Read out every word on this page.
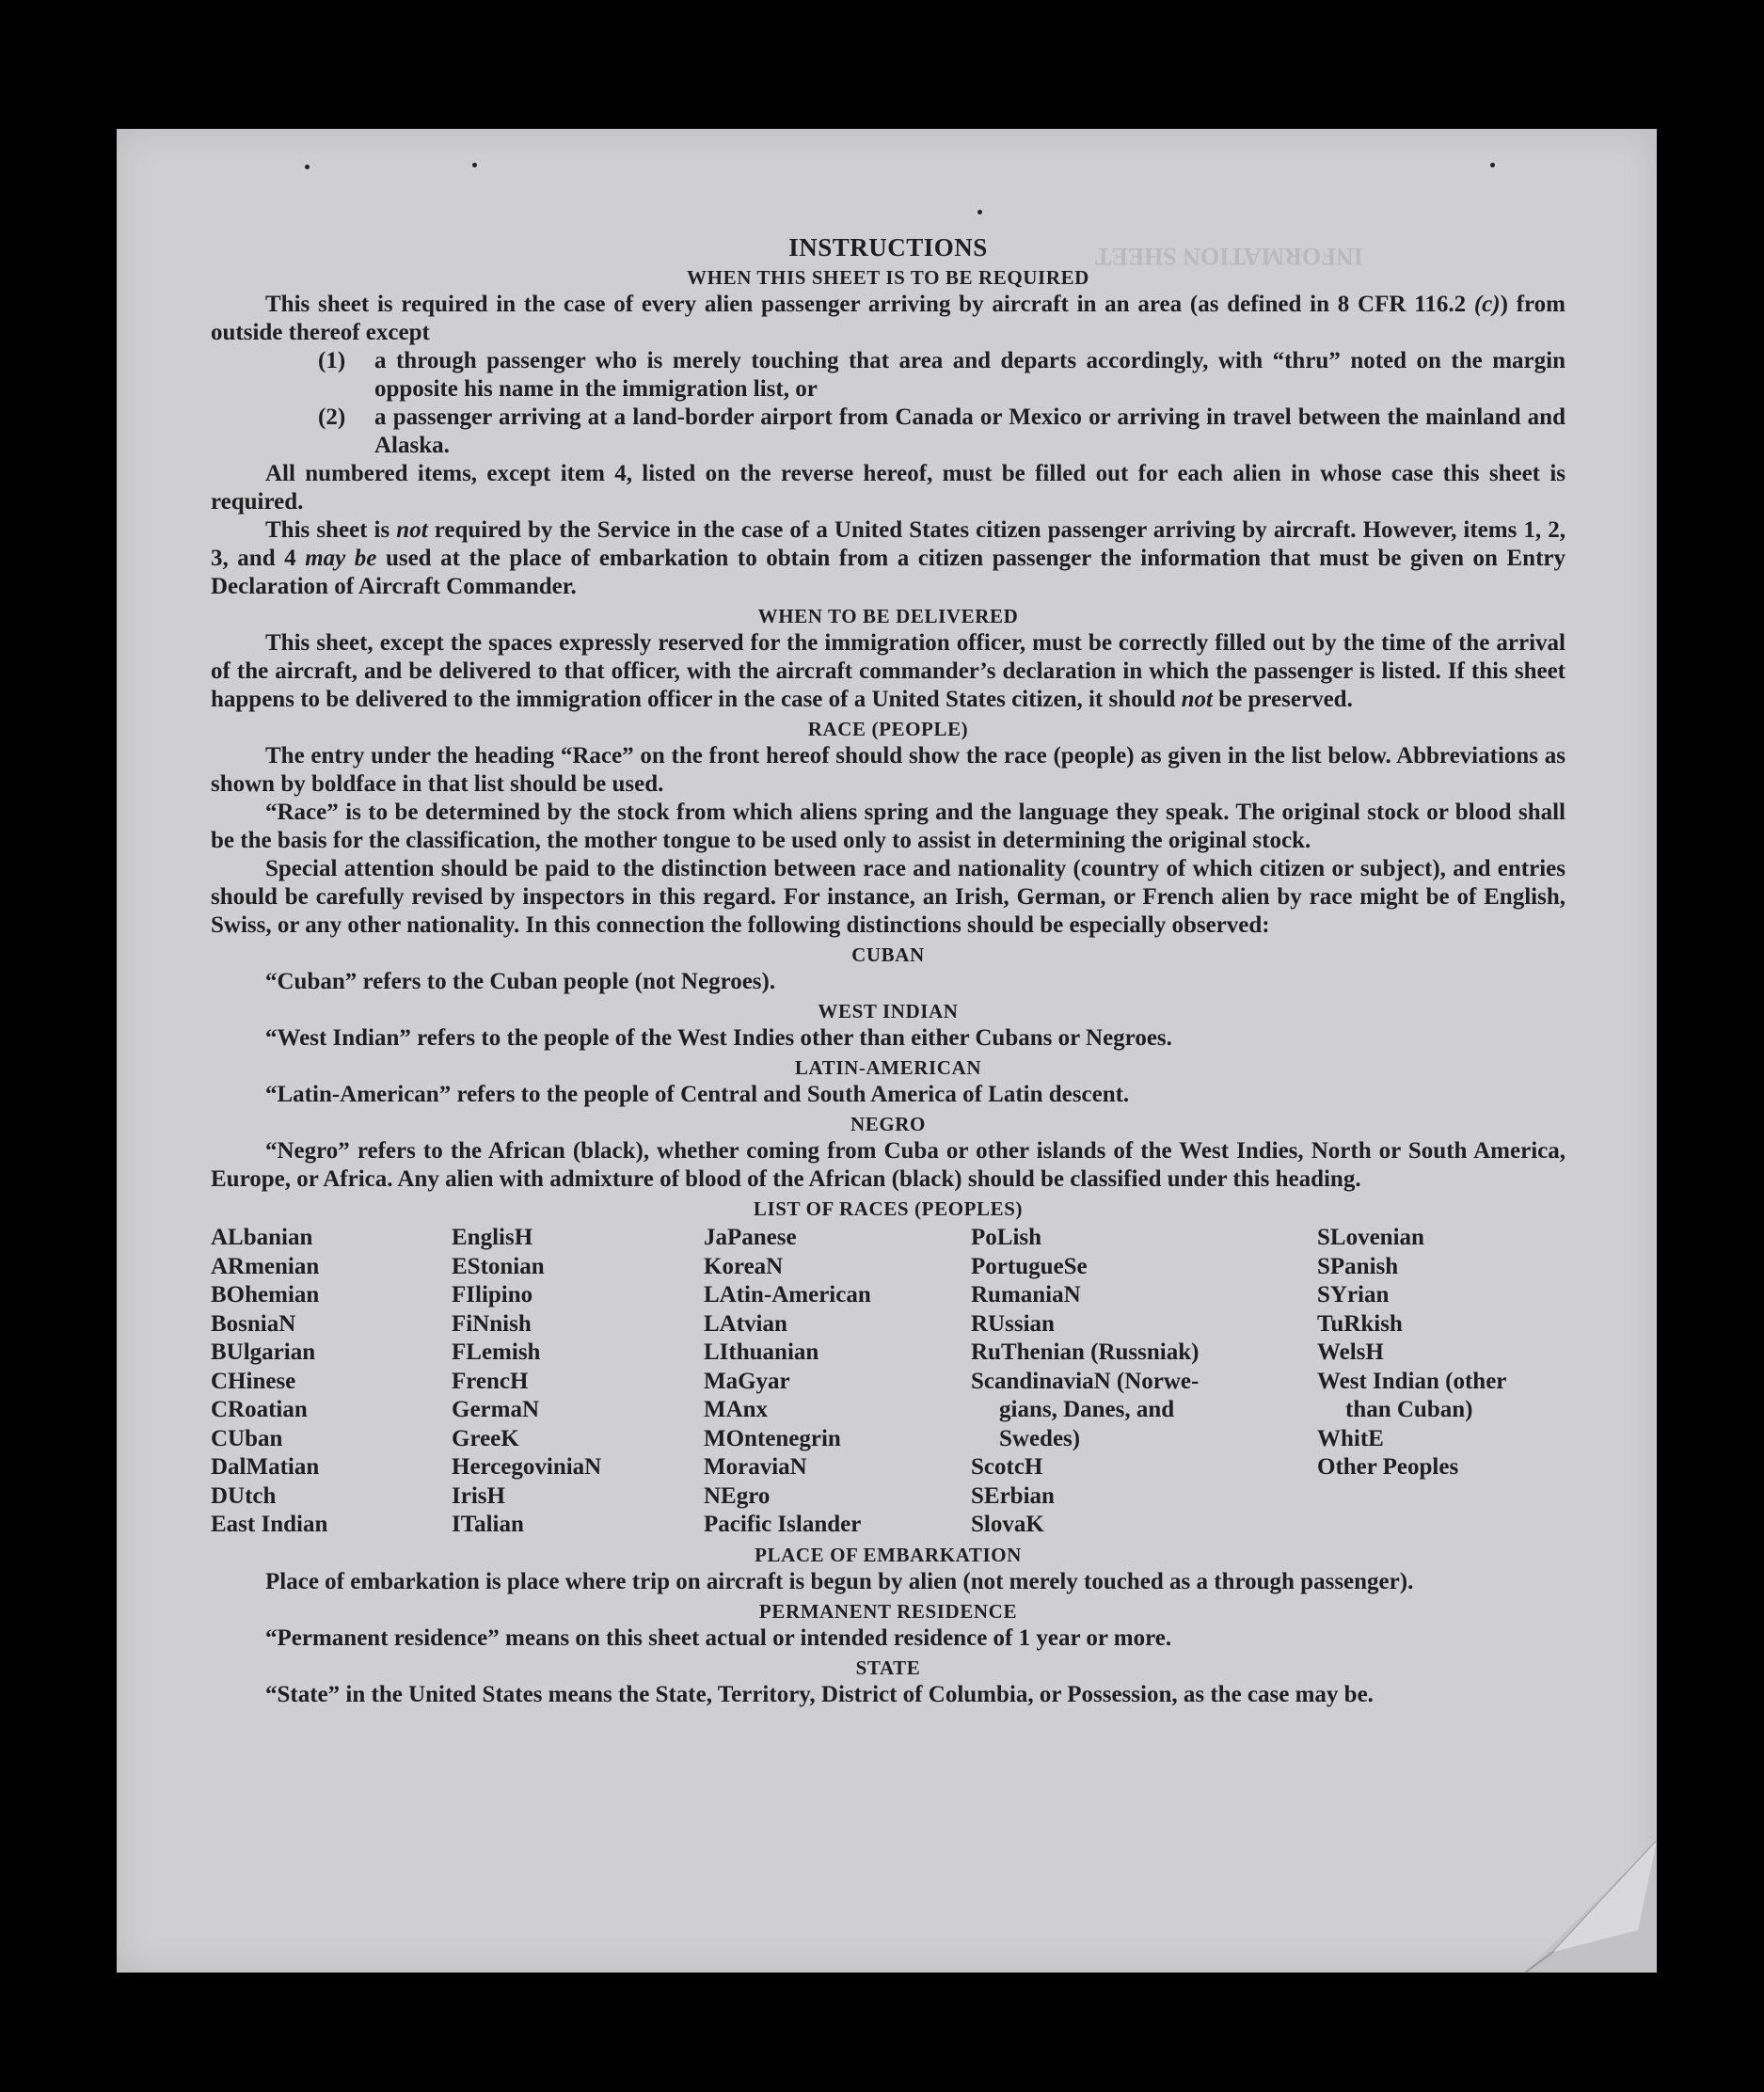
INFORMATION SHEET
INSTRUCTIONS
WHEN THIS SHEET IS TO BE REQUIRED
This sheet is required in the case of every alien passenger arriving by aircraft in an area (as defined in 8 CFR 116.2 (c)) from outside thereof except
(1) a through passenger who is merely touching that area and departs accordingly, with “thru” noted on the margin opposite his name in the immigration list, or
(2) a passenger arriving at a land-border airport from Canada or Mexico or arriving in travel between the mainland and Alaska.
All numbered items, except item 4, listed on the reverse hereof, must be filled out for each alien in whose case this sheet is required.
This sheet is not required by the Service in the case of a United States citizen passenger arriving by aircraft. However, items 1, 2, 3, and 4 may be used at the place of embarkation to obtain from a citizen passenger the information that must be given on Entry Declaration of Aircraft Commander.
WHEN TO BE DELIVERED
This sheet, except the spaces expressly reserved for the immigration officer, must be correctly filled out by the time of the arrival of the aircraft, and be delivered to that officer, with the aircraft commander’s declaration in which the passenger is listed. If this sheet happens to be delivered to the immigration officer in the case of a United States citizen, it should not be preserved.
RACE (PEOPLE)
The entry under the heading “Race” on the front hereof should show the race (people) as given in the list below. Abbreviations as shown by boldface in that list should be used.
“Race” is to be determined by the stock from which aliens spring and the language they speak. The original stock or blood shall be the basis for the classification, the mother tongue to be used only to assist in determining the original stock.
Special attention should be paid to the distinction between race and nationality (country of which citizen or subject), and entries should be carefully revised by inspectors in this regard. For instance, an Irish, German, or French alien by race might be of English, Swiss, or any other nationality. In this connection the following distinctions should be especially observed:
CUBAN
“Cuban” refers to the Cuban people (not Negroes).
WEST INDIAN
“West Indian” refers to the people of the West Indies other than either Cubans or Negroes.
LATIN-AMERICAN
“Latin-American” refers to the people of Central and South America of Latin descent.
NEGRO
“Negro” refers to the African (black), whether coming from Cuba or other islands of the West Indies, North or South America, Europe, or Africa. Any alien with admixture of blood of the African (black) should be classified under this heading.
LIST OF RACES (PEOPLES)
ALbanian
ARmenian
BOhemian
BosniaN
BUlgarian
CHinese
CRoatian
CUban
DalMatian
DUtch
East Indian
EnglisH
EStonian
FIlipino
FiNnish
FLemish
FrencH
GermaN
GreeK
HercegoviniaN
IrisH
ITalian
JaPanese
KoreaN
LAtin-American
LAtvian
LIthuanian
MaGyar
MAnx
MOntenegrin
MoraviaN
NEgro
Pacific Islander
PoLish
PortugueSe
RumaniaN
RUssian
RuThenian (Russniak)
ScandinaviaN (Norwe-
gians, Danes, and
Swedes)
ScotcH
SErbian
SlovaK
SLovenian
SPanish
SYrian
TuRkish
WelsH
West Indian (other
than Cuban)
WhitE
Other Peoples
PLACE OF EMBARKATION
Place of embarkation is place where trip on aircraft is begun by alien (not merely touched as a through passenger).
PERMANENT RESIDENCE
“Permanent residence” means on this sheet actual or intended residence of 1 year or more.
STATE
“State” in the United States means the State, Territory, District of Columbia, or Possession, as the case may be.
